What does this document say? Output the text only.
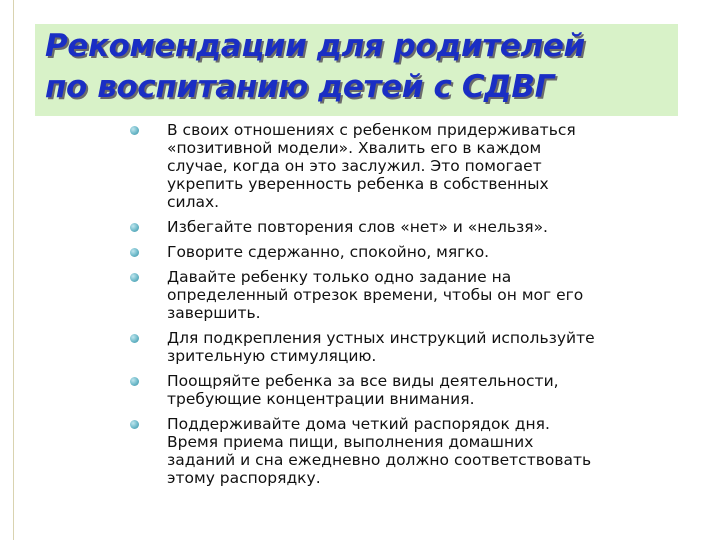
Рекомендации для родителей
по воспитанию детей с СДВГ
В своих отношениях с ребенком придерживаться
«позитивной модели». Хвалить его в каждом
случае, когда он это заслужил. Это помогает
укрепить уверенность ребенка в собственных
силах.
Избегайте повторения слов «нет» и «нельзя».
Говорите сдержанно, спокойно, мягко.
Давайте ребенку только одно задание на
определенный отрезок времени, чтобы он мог его
завершить.
Для подкрепления устных инструкций используйте
зрительную стимуляцию.
Поощряйте ребенка за все виды деятельности,
требующие концентрации внимания.
Поддерживайте дома четкий распорядок дня.
Время приема пищи, выполнения домашних
заданий и сна ежедневно должно соответствовать
этому распорядку.
